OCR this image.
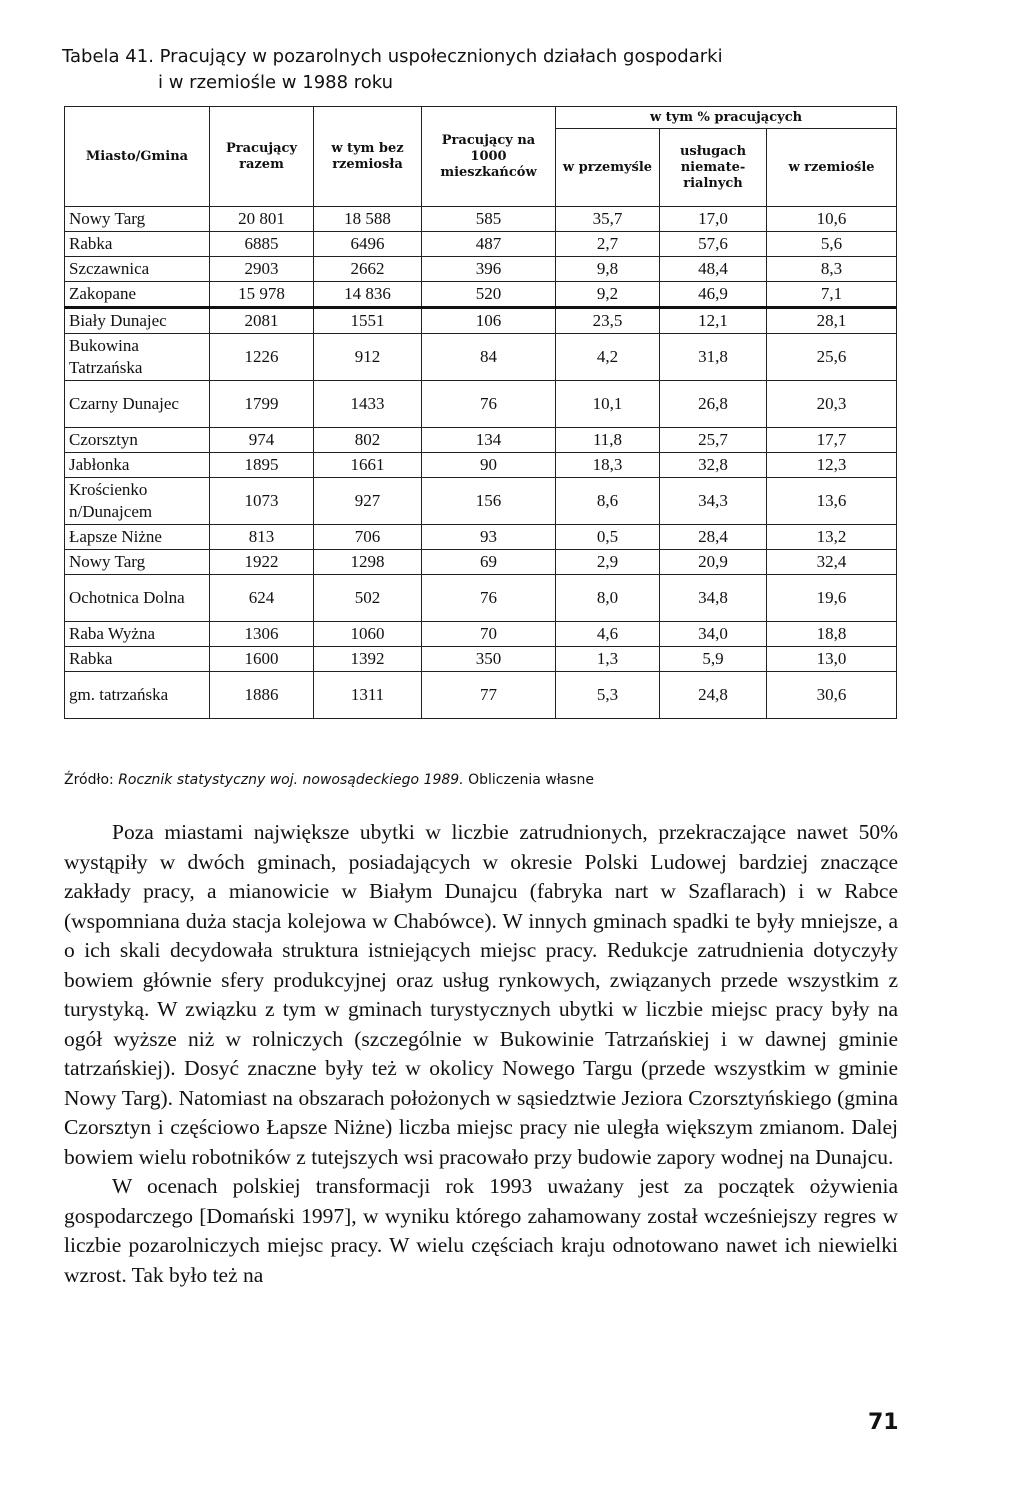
Tabela 41. Pracujący w pozarolnych uspołecznionych działach gospodarki
i w rzemiośle w 1988 roku
Miasto/Gmina	Pracujący razem	w tym bez rzemiosła	Pracujący na 1000 mieszkańców	w tym % pracujących		
				w przemyśle	usługach niemate-rialnych	w rzemiośle
Nowy Targ	20 801	18 588	585	35,7	17,0	10,6
Rabka	6885	6496	487	2,7	57,6	5,6
Szczawnica	2903	2662	396	9,8	48,4	8,3
Zakopane	15 978	14 836	520	9,2	46,9	7,1
Biały Dunajec	2081	1551	106	23,5	12,1	28,1
Bukowina Tatrzańska	1226	912	84	4,2	31,8	25,6
Czarny Dunajec	1799	1433	76	10,1	26,8	20,3
Czorsztyn	974	802	134	11,8	25,7	17,7
Jabłonka	1895	1661	90	18,3	32,8	12,3
Krościenko n/Dunajcem	1073	927	156	8,6	34,3	13,6
Łapsze Niżne	813	706	93	0,5	28,4	13,2
Nowy Targ	1922	1298	69	2,9	20,9	32,4
Ochotnica Dolna	624	502	76	8,0	34,8	19,6
Raba Wyżna	1306	1060	70	4,6	34,0	18,8
Rabka	1600	1392	350	1,3	5,9	13,0
gm. tatrzańska	1886	1311	77	5,3	24,8	30,6
Źródło: Rocznik statystyczny woj. nowosądeckiego 1989. Obliczenia własne

Poza miastami największe ubytki w liczbie zatrudnionych, przekraczające nawet 50% wystąpiły w dwóch gminach, posiadających w okresie Polski Ludowej bardziej znaczące zakłady pracy, a mianowicie w Białym Dunajcu (fabryka nart w Szaflarach) i w Rabce (wspomniana duża stacja kolejowa w Chabówce). W innych gminach spadki te były mniejsze, a o ich skali decydowała struktura istniejących miejsc pracy. Redukcje zatrudnienia dotyczyły bowiem głównie sfery produkcyjnej oraz usług rynkowych, związanych przede wszystkim z turystyką. W związku z tym w gminach turystycznych ubytki w liczbie miejsc pracy były na ogół wyższe niż w rolniczych (szczególnie w Bukowinie Tatrzańskiej i w dawnej gminie tatrzańskiej). Dosyć znaczne były też w okolicy Nowego Targu (przede wszystkim w gminie Nowy Targ). Natomiast na obszarach położonych w sąsiedztwie Jeziora Czorsztyńskiego (gmina Czorsztyn i częściowo Łapsze Niżne) liczba miejsc pracy nie uległa większym zmianom. Dalej bowiem wielu robotników z tutejszych wsi pracowało przy budowie zapory wodnej na Dunajcu.

W ocenach polskiej transformacji rok 1993 uważany jest za początek ożywienia gospodarczego [Domański 1997], w wyniku którego zahamowany został wcześniejszy regres w liczbie pozarolniczych miejsc pracy. W wielu częściach kraju odnotowano nawet ich niewielki wzrost. Tak było też na

71
